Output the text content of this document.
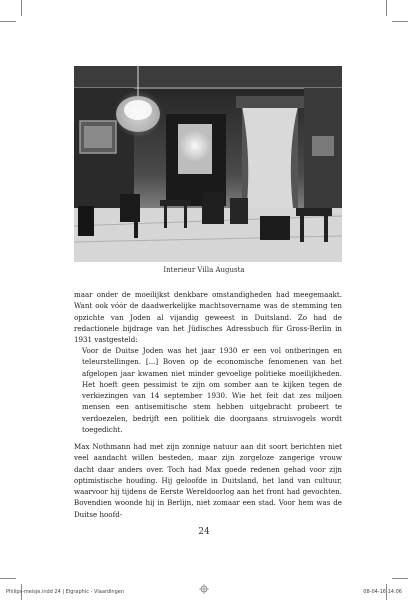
Interieur Villa Augusta

maar onder de moeilijkst denkbare omstandigheden had meegemaakt. Want ook vóór de daadwerkelijke machtsovername was de stemming ten opzichte van Joden al vijandig geweest in Duitsland. Zo had de redactionele bijdrage van het Jüdisches Adressbuch für Gross-Berlin in 1931 vastgesteld:

Voor de Duitse Joden was het jaar 1930 er een vol ontberingen en teleurstellingen. [...] Boven op de economische fenomenen van het afgelopen jaar kwamen niet minder gevoelige politieke moeilijkheden. Het hoeft geen pessimist te zijn om somber aan te kijken tegen de verkiezingen van 14 september 1930. Wie het feit dat zes miljoen mensen een antisemitische stem hebben uitgebracht probeert te verdoezelen, bedrijft een politiek die doorgaans struisvogels wordt toegedicht.

Max Nothmann had met zijn zonnige natuur aan dit soort berichten niet veel aandacht willen besteden, maar zijn zorgeloze zangerige vrouw dacht daar anders over. Toch had Max goede redenen gehad voor zijn optimistische houding. Hij geloofde in Duitsland, het land van cultuur, waarvoor hij tijdens de Eerste Wereldoorlog aan het front had gevochten. Bovendien woonde hij in Berlijn, niet zomaar een stad. Voor hem was de Duitse hoofd-

24
Philips-meisje.indd 24 | Elgraphic - Vlaardingen	08-04-16 14:06
